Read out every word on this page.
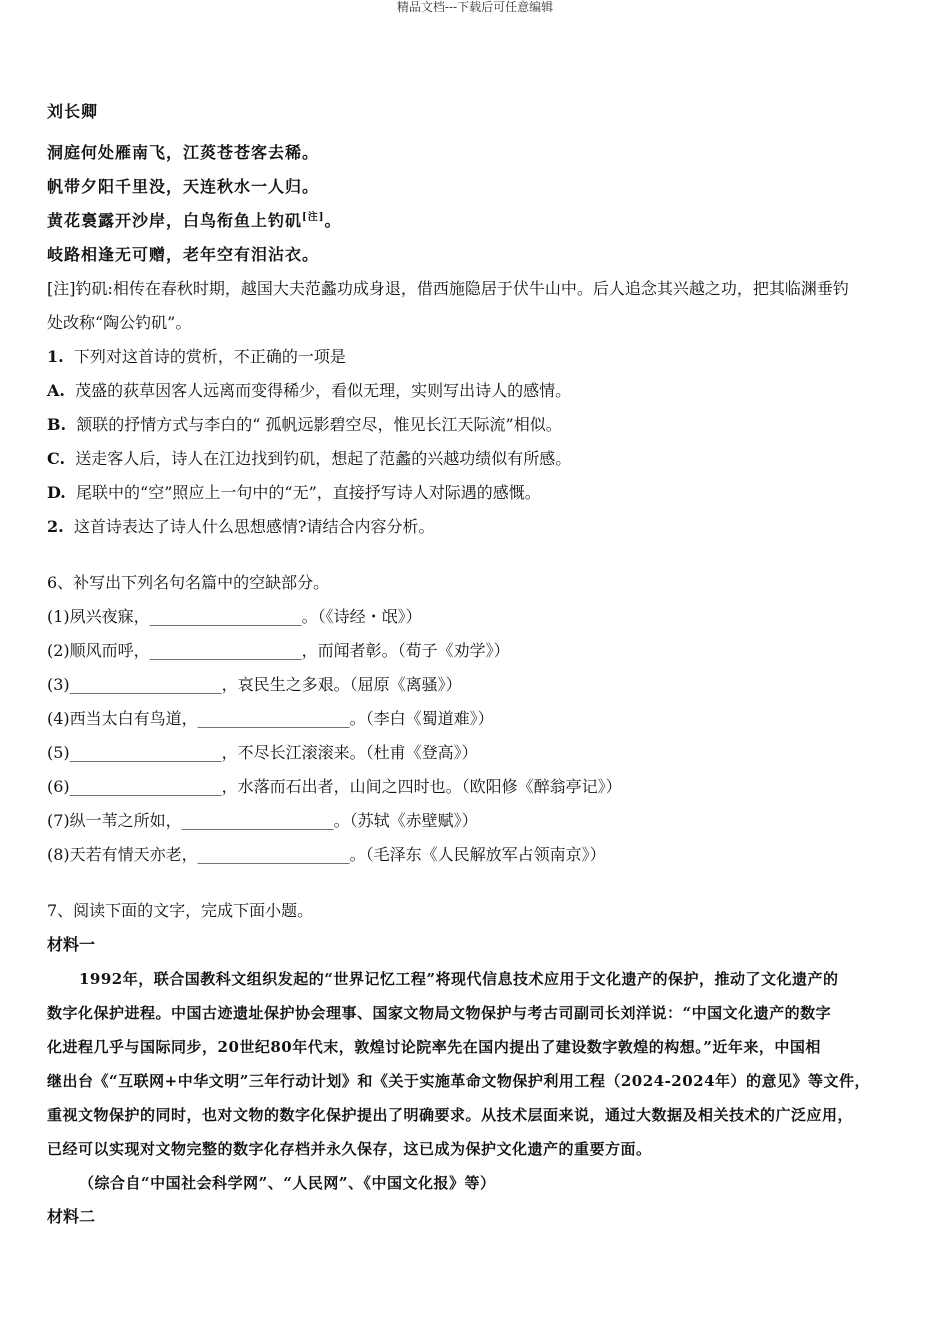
精品文档---下载后可任意编辑
刘长卿
洞庭何处雁南飞，江菼苍苍客去稀。
帆带夕阳千里没，天连秋水一人归。
黄花裛露开沙岸，白鸟衔鱼上钓矶[注]。
岐路相逢无可赠，老年空有泪沾衣。
[注]钓矶:相传在春秋时期，越国大夫范蠡功成身退，借西施隐居于伏牛山中。后人追念其兴越之功，把其临渊垂钓
处改称“陶公钓矶”。
1. 下列对这首诗的赏析，不正确的一项是
A. 茂盛的荻草因客人远离而变得稀少，看似无理，实则写出诗人的感情。
B. 颔联的抒情方式与李白的“ 孤帆远影碧空尽，惟见长江天际流”相似。
C. 送走客人后，诗人在江边找到钓矶，想起了范蠡的兴越功绩似有所感。
D. 尾联中的“空”照应上一句中的“无”，直接抒写诗人对际遇的感慨。
2. 这首诗表达了诗人什么思想感情?请结合内容分析。
6、补写出下列名句名篇中的空缺部分。
(1)夙兴夜寐，___________________。（《诗经・氓》）
(2)顺风而呼，___________________，而闻者彰。（荀子《劝学》）
(3)___________________，哀民生之多艰。（屈原《离骚》）
(4)西当太白有鸟道，___________________。（李白《蜀道难》）
(5)___________________，不尽长江滚滚来。（杜甫《登高》）
(6)___________________，水落而石出者，山间之四时也。（欧阳修《醉翁亭记》）
(7)纵一苇之所如，___________________。（苏轼《赤壁赋》）
(8)天若有情天亦老，___________________。（毛泽东《人民解放军占领南京》）
7、阅读下面的文字，完成下面小题。
材料一
1992年，联合国教科文组织发起的“世界记忆工程”将现代信息技术应用于文化遗产的保护，推动了文化遗产的
数字化保护进程。中国古迹遗址保护协会理事、国家文物局文物保护与考古司副司长刘洋说：“中国文化遗产的数字
化进程几乎与国际同步，20世纪80年代末，敦煌讨论院率先在国内提出了建设数字敦煌的构想。”近年来，中国相
继出台《“互联网+中华文明”三年行动计划》和《关于实施革命文物保护利用工程（2024-2024年）的意见》等文件，
重视文物保护的同时，也对文物的数字化保护提出了明确要求。从技术层面来说，通过大数据及相关技术的广泛应用，
已经可以实现对文物完整的数字化存档并永久保存，这已成为保护文化遗产的重要方面。
（综合自“中国社会科学网”、“人民网”、《中国文化报》等）
材料二
